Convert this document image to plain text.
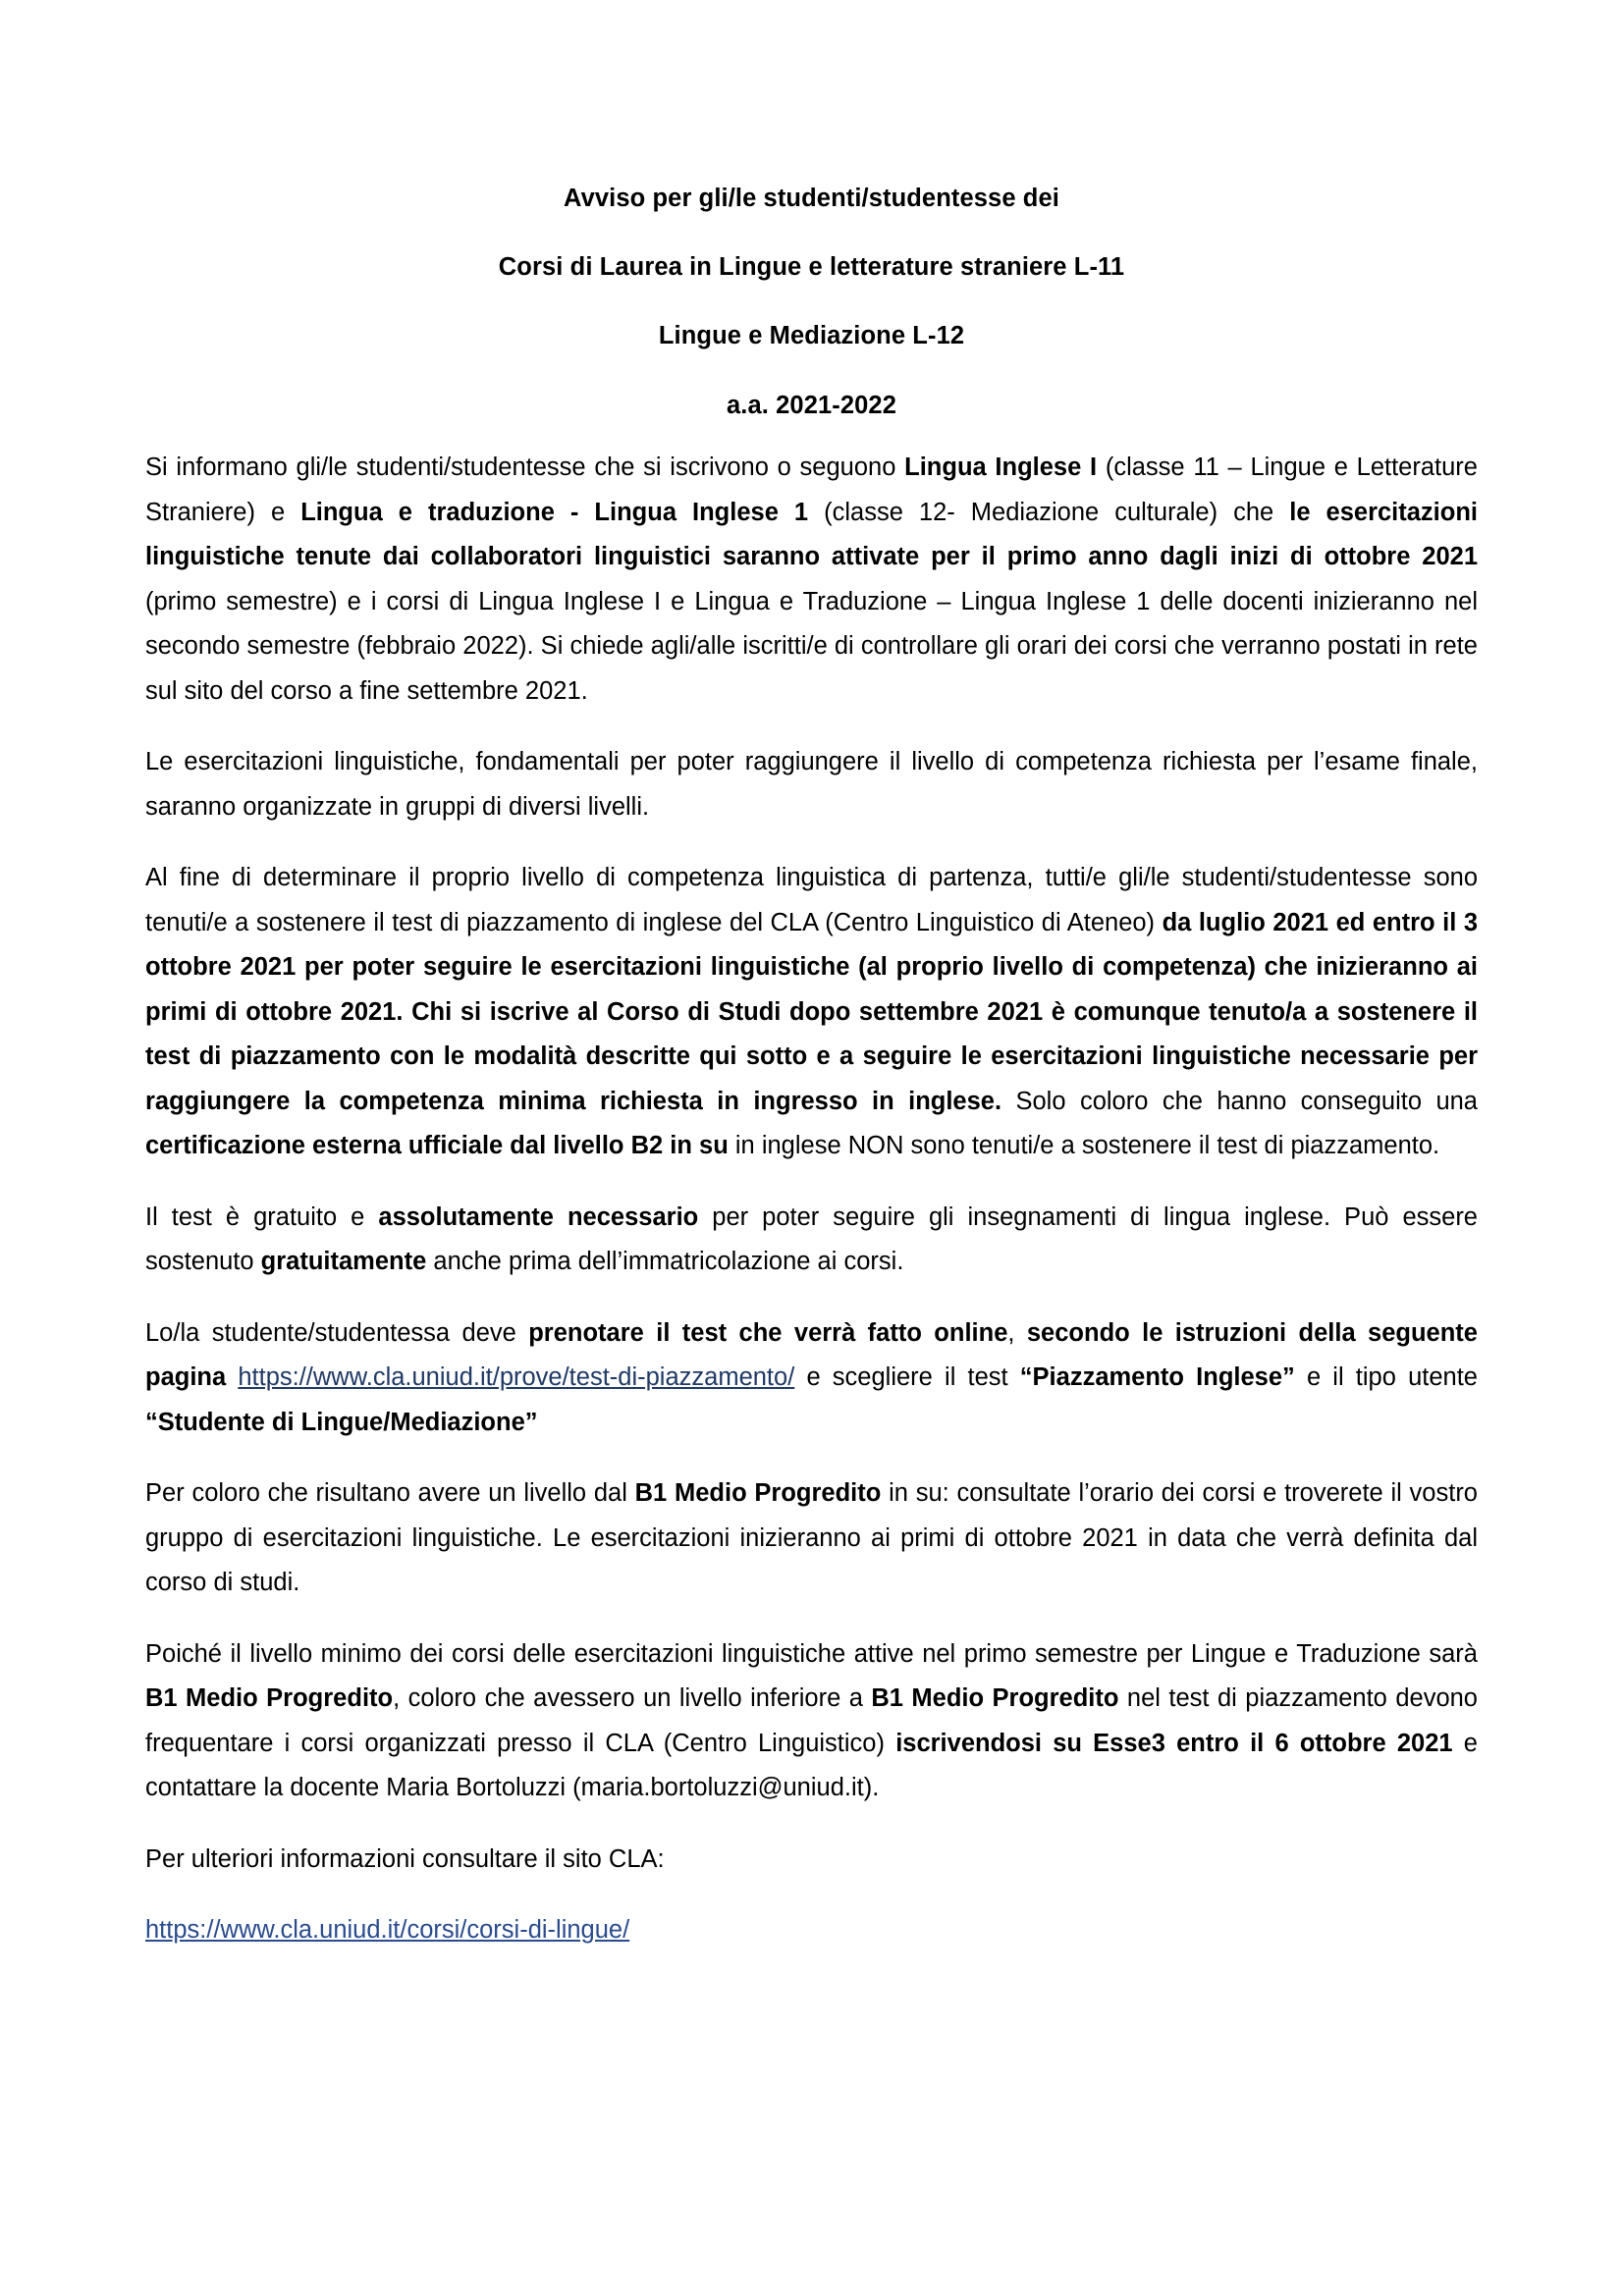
Avviso per gli/le studenti/studentesse dei
Corsi di Laurea in Lingue e letterature straniere L-11
Lingue e Mediazione L-12
a.a. 2021-2022

Si informano gli/le studenti/studentesse che si iscrivono o seguono Lingua Inglese I (classe 11 – Lingue e Letterature Straniere) e Lingua e traduzione - Lingua Inglese 1 (classe 12- Mediazione culturale) che le esercitazioni linguistiche tenute dai collaboratori linguistici saranno attivate per il primo anno dagli inizi di ottobre 2021 (primo semestre) e i corsi di Lingua Inglese I e Lingua e Traduzione – Lingua Inglese 1 delle docenti inizieranno nel secondo semestre (febbraio 2022). Si chiede agli/alle iscritti/e di controllare gli orari dei corsi che verranno postati in rete sul sito del corso a fine settembre 2021.

Le esercitazioni linguistiche, fondamentali per poter raggiungere il livello di competenza richiesta per l’esame finale, saranno organizzate in gruppi di diversi livelli.

Al fine di determinare il proprio livello di competenza linguistica di partenza, tutti/e gli/le studenti/studentesse sono tenuti/e a sostenere il test di piazzamento di inglese del CLA (Centro Linguistico di Ateneo) da luglio 2021 ed entro il 3 ottobre 2021 per poter seguire le esercitazioni linguistiche (al proprio livello di competenza) che inizieranno ai primi di ottobre 2021. Chi si iscrive al Corso di Studi dopo settembre 2021 è comunque tenuto/a a sostenere il test di piazzamento con le modalità descritte qui sotto e a seguire le esercitazioni linguistiche necessarie per raggiungere la competenza minima richiesta in ingresso in inglese. Solo coloro che hanno conseguito una certificazione esterna ufficiale dal livello B2 in su in inglese NON sono tenuti/e a sostenere il test di piazzamento.

Il test è gratuito e assolutamente necessario per poter seguire gli insegnamenti di lingua inglese. Può essere sostenuto gratuitamente anche prima dell’immatricolazione ai corsi.

Lo/la studente/studentessa deve prenotare il test che verrà fatto online, secondo le istruzioni della seguente pagina https://www.cla.uniud.it/prove/test-di-piazzamento/ e scegliere il test “Piazzamento Inglese” e il tipo utente “Studente di Lingue/Mediazione”

Per coloro che risultano avere un livello dal B1 Medio Progredito in su: consultate l’orario dei corsi e troverete il vostro gruppo di esercitazioni linguistiche. Le esercitazioni inizieranno ai primi di ottobre 2021 in data che verrà definita dal corso di studi.

Poiché il livello minimo dei corsi delle esercitazioni linguistiche attive nel primo semestre per Lingue e Traduzione sarà B1 Medio Progredito, coloro che avessero un livello inferiore a B1 Medio Progredito nel test di piazzamento devono frequentare i corsi organizzati presso il CLA (Centro Linguistico) iscrivendosi su Esse3 entro il 6 ottobre 2021 e contattare la docente Maria Bortoluzzi (maria.bortoluzzi@uniud.it).

Per ulteriori informazioni consultare il sito CLA:

https://www.cla.uniud.it/corsi/corsi-di-lingue/
